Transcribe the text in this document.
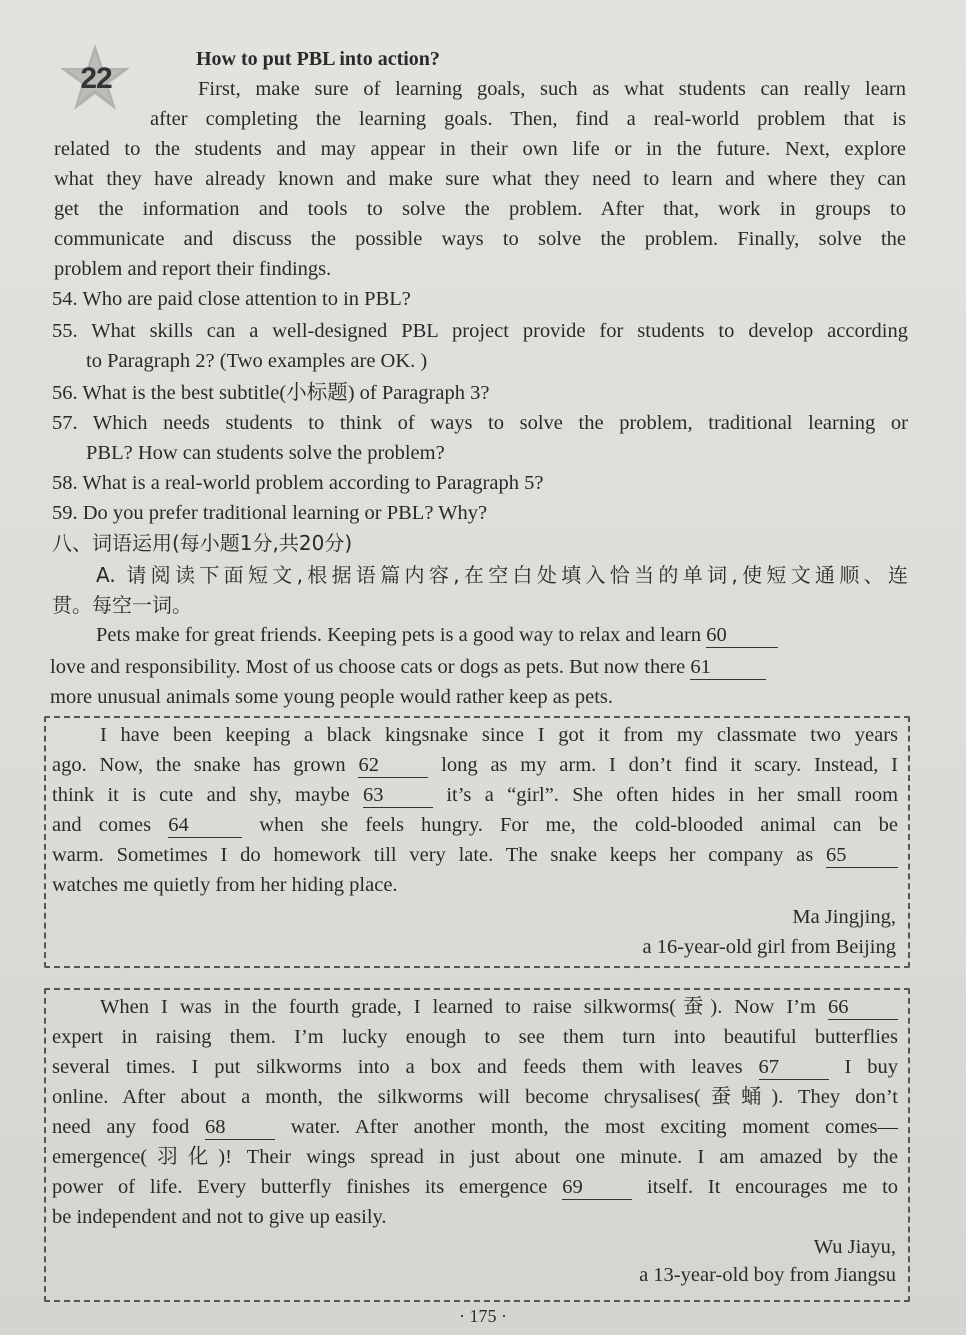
22
How to put PBL into action?
First, make sure of learning goals, such as what students can really learn
after completing the learning goals. Then, find a real-world problem that is
related to the students and may appear in their own life or in the future. Next, explore
what they have already known and make sure what they need to learn and where they can
get the information and tools to solve the problem. After that, work in groups to
communicate and discuss the possible ways to solve the problem. Finally, solve the
problem and report their findings.
54. Who are paid close attention to in PBL?
55. What skills can a well-designed PBL project provide for students to develop according
to Paragraph 2? (Two examples are OK. )
56. What is the best subtitle(小标题) of Paragraph 3?
57. Which needs students to think of ways to solve the problem, traditional learning or
PBL? How can students solve the problem?
58. What is a real-world problem according to Paragraph 5?
59. Do you prefer traditional learning or PBL? Why?
八、词语运用(每小题1分,共20分)
A. 请阅读下面短文,根据语篇内容,在空白处填入恰当的单词,使短文通顺、连
贯。每空一词。
Pets make for great friends. Keeping pets is a good way to relax and learn 60
love and responsibility. Most of us choose cats or dogs as pets. But now there 61
more unusual animals some young people would rather keep as pets.
I have been keeping a black kingsnake since I got it from my classmate two years
ago. Now, the snake has grown 62	long as my arm. I don’t find it scary. Instead, I
think it is cute and shy, maybe 63	it’s a “girl”. She often hides in her small room
and comes 64	when she feels hungry. For me, the cold-blooded animal can be
warm. Sometimes I do homework till very late. The snake keeps her company as 65
watches me quietly from her hiding place.
Ma Jingjing,
a 16-year-old girl from Beijing
When I was in the fourth grade, I learned to raise silkworms(蚕). Now I’m 66
expert in raising them. I’m lucky enough to see them turn into beautiful butterflies
several times. I put silkworms into a box and feeds them with leaves 67	I buy
online. After about a month, the silkworms will become chrysalises(蚕蛹). They don’t
need any food 68	water. After another month, the most exciting moment comes—
emergence(羽化)! Their wings spread in just about one minute. I am amazed by the
power of life. Every butterfly finishes its emergence 69	itself. It encourages me to
be independent and not to give up easily.
Wu Jiayu,
a 13-year-old boy from Jiangsu
· 175 ·
